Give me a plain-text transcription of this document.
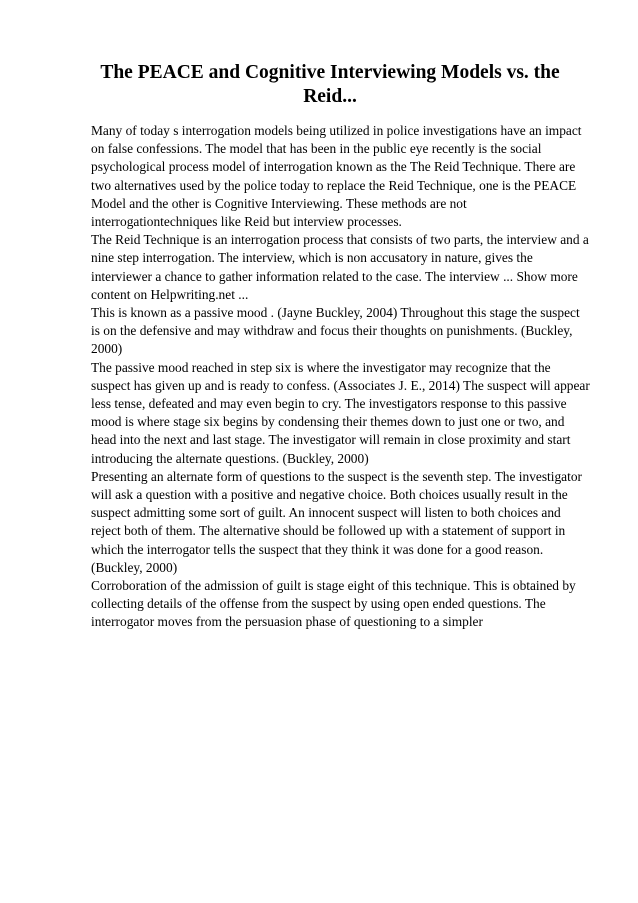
The PEACE and Cognitive Interviewing Models vs. the Reid...

Many of today s interrogation models being utilized in police investigations have an impact on false confessions. The model that has been in the public eye recently is the social psychological process model of interrogation known as the The Reid Technique. There are two alternatives used by the police today to replace the Reid Technique, one is the PEACE Model and the other is Cognitive Interviewing. These methods are not interrogationtechniques like Reid but interview processes.

The Reid Technique is an interrogation process that consists of two parts, the interview and a nine step interrogation. The interview, which is non accusatory in nature, gives the interviewer a chance to gather information related to the case. The interview ... Show more content on Helpwriting.net ...

This is known as a passive mood . (Jayne Buckley, 2004) Throughout this stage the suspect is on the defensive and may withdraw and focus their thoughts on punishments. (Buckley, 2000)

The passive mood reached in step six is where the investigator may recognize that the suspect has given up and is ready to confess. (Associates J. E., 2014) The suspect will appear less tense, defeated and may even begin to cry. The investigators response to this passive mood is where stage six begins by condensing their themes down to just one or two, and head into the next and last stage. The investigator will remain in close proximity and start introducing the alternate questions. (Buckley, 2000)

Presenting an alternate form of questions to the suspect is the seventh step. The investigator will ask a question with a positive and negative choice. Both choices usually result in the suspect admitting some sort of guilt. An innocent suspect will listen to both choices and reject both of them. The alternative should be followed up with a statement of support in which the interrogator tells the suspect that they think it was done for a good reason. (Buckley, 2000)

Corroboration of the admission of guilt is stage eight of this technique. This is obtained by collecting details of the offense from the suspect by using open ended questions. The interrogator moves from the persuasion phase of questioning to a simpler
